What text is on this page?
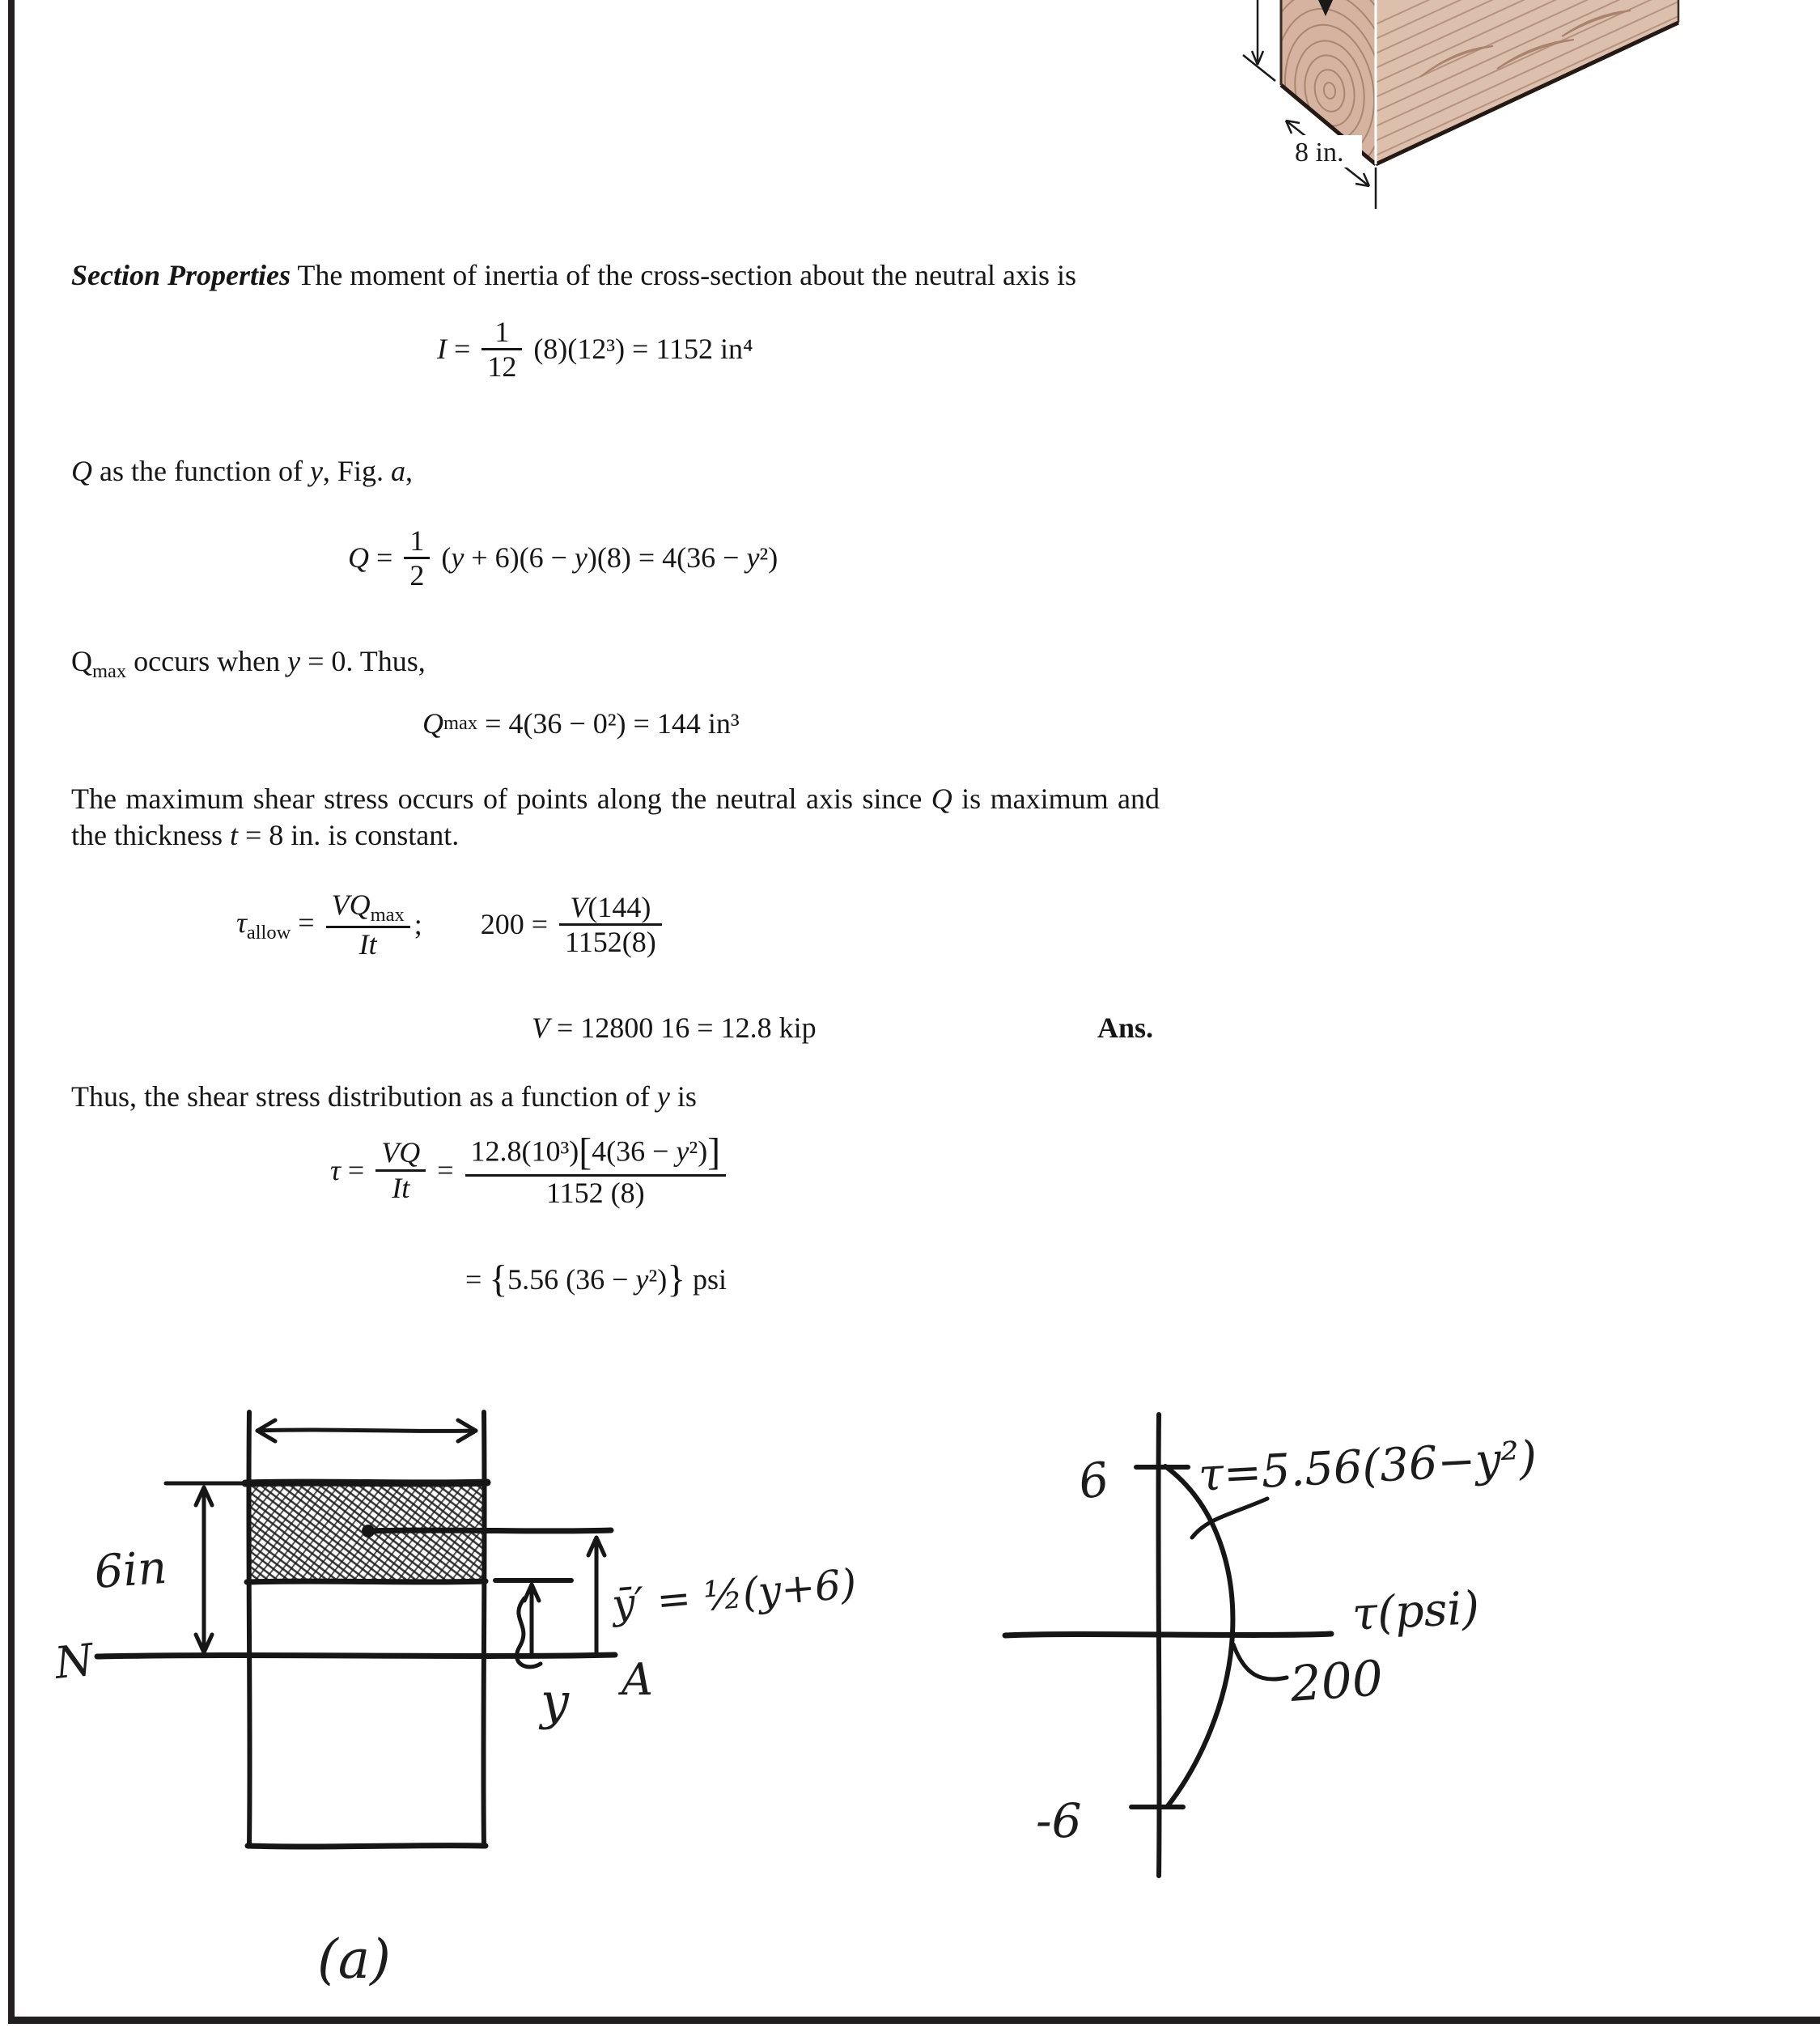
8 in.
Section Properties The moment of inertia of the cross-section about the neutral axis is
$I = \frac{1}{12} (8)(12^3) = 1152$ in⁴
Q as the function of y, Fig. a,
$Q = \frac{1}{2} (y + 6)(6 - y)(8) = 4(36 - y^2)$
$Q_{max}$ occurs when y = 0. Thus,
Q max = 4(36 − 0²) = 144 in³
The maximum shear stress occurs of points along the neutral axis since Q is maximum and the thickness t = 8 in. is constant.
$\tau_{allow} = \frac{VQ_{max}}{It}$ ; $200 = \frac{V(144)}{1152(8)}$
V = 12800 16 = 12.8 kip	Ans.
Thus, the shear stress distribution as a function of y is
$\tau = \frac{VQ}{It} = \frac{\text{12.8(10³)[4(36 − y²)]}}{1152 (8)}$
= { 5.56 (36 − y ²) } psi
6in
N	A
y
ȳ′ = ½(y+6)
(a)
6
-6
τ=5.56(36−y²)
τ(psi)
200
